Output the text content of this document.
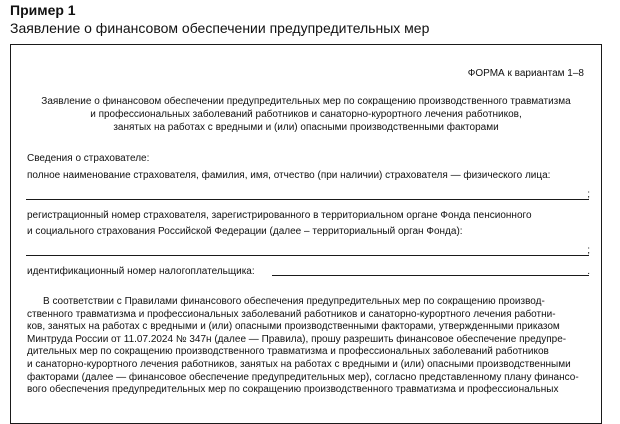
Пример 1
Заявление о финансовом обеспечении предупредительных мер
ФОРМА к вариантам 1–8
Заявление о финансовом обеспечении предупредительных мер по сокращению производственного травматизма
и профессиональных заболеваний работников и санаторно-курортного лечения работников,
занятых на работах с вредными и (или) опасными производственными факторами
Сведения о страхователе:
полное наименование страхователя, фамилия, имя, отчество (при наличии) страхователя — физического лица:
;
регистрационный номер страхователя, зарегистрированного в территориальном органе Фонда пенсионного
и социального страхования Российской Федерации (далее – территориальный орган Фонда):
;
идентификационный номер налогоплательщика:	.
В соответствии с Правилами финансового обеспечения предупредительных мер по сокращению производ-
ственного травматизма и профессиональных заболеваний работников и санаторно-курортного лечения работни-
ков, занятых на работах с вредными и (или) опасными производственными факторами, утвержденными приказом
Минтруда России от 11.07.2024 № 347н (далее — Правила), прошу разрешить финансовое обеспечение предупре-
дительных мер по сокращению производственного травматизма и профессиональных заболеваний работников
и санаторно-курортного лечения работников, занятых на работах с вредными и (или) опасными производственными
факторами (далее — финансовое обеспечение предупредительных мер), согласно представленному плану финансо-
вого обеспечения предупредительных мер по сокращению производственного травматизма и профессиональных
